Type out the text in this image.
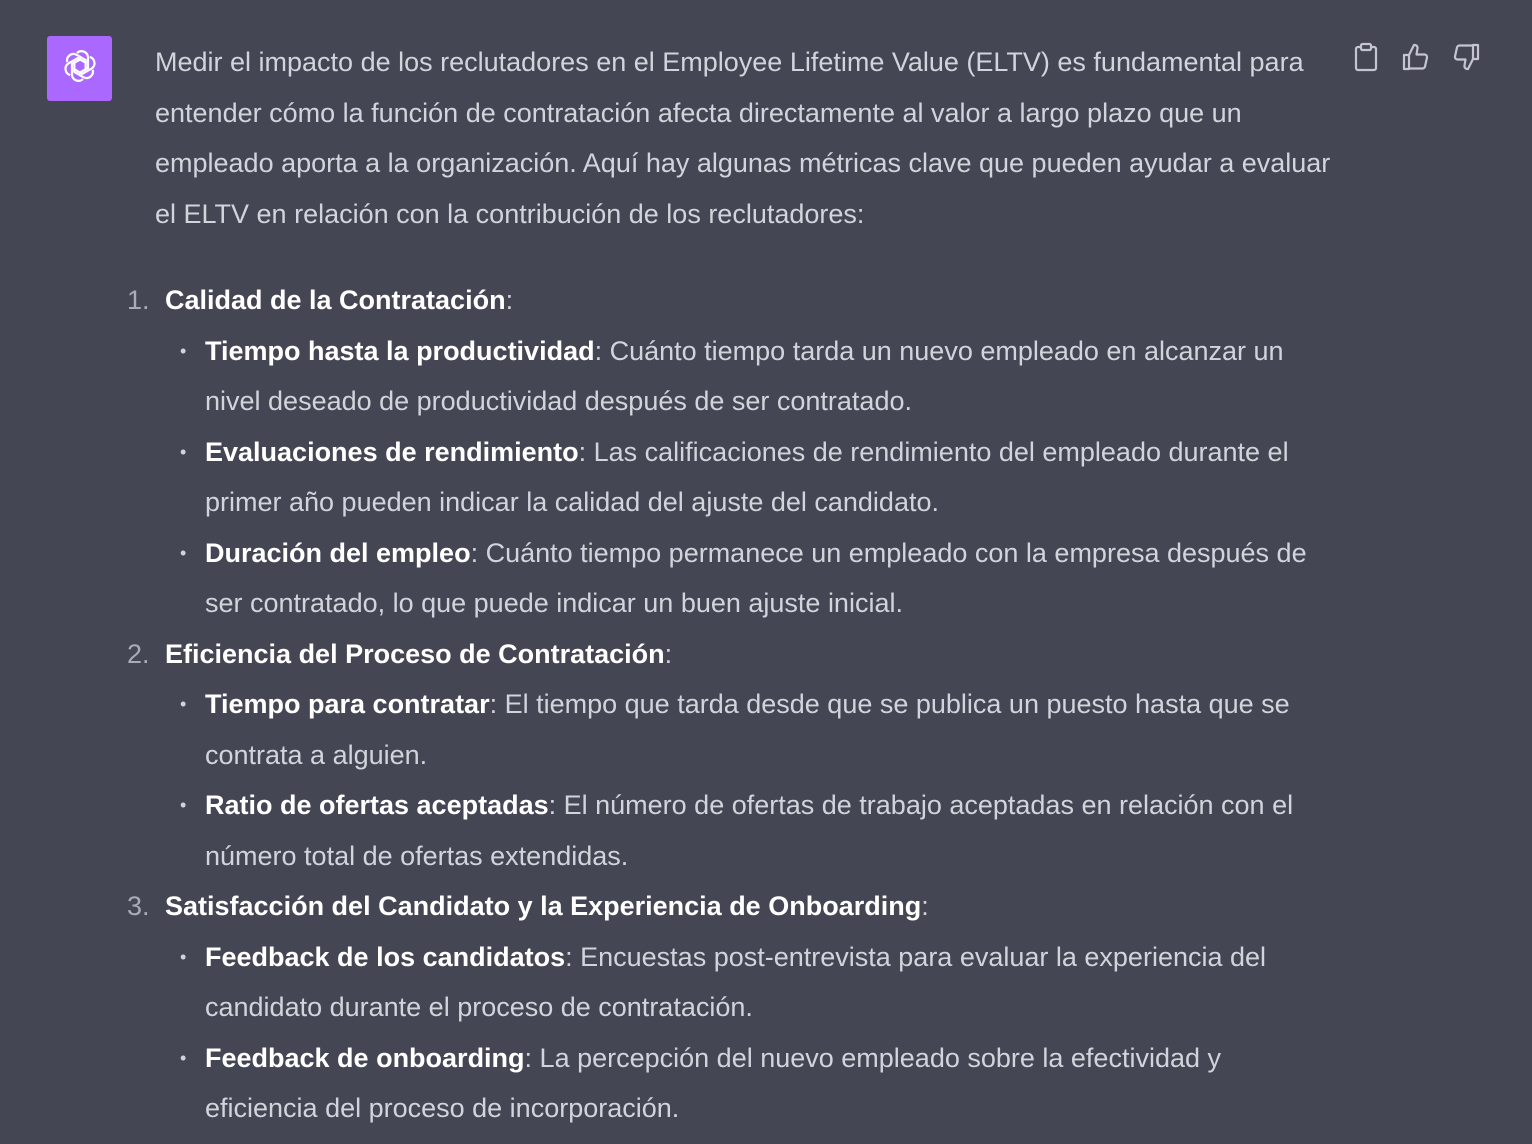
Medir el impacto de los reclutadores en el Employee Lifetime Value (ELTV) es fundamental para entender cómo la función de contratación afecta directamente al valor a largo plazo que un empleado aporta a la organización. Aquí hay algunas métricas clave que pueden ayudar a evaluar el ELTV en relación con la contribución de los reclutadores:

1. Calidad de la Contratación:
• Tiempo hasta la productividad: Cuánto tiempo tarda un nuevo empleado en alcanzar un nivel deseado de productividad después de ser contratado.
• Evaluaciones de rendimiento: Las calificaciones de rendimiento del empleado durante el primer año pueden indicar la calidad del ajuste del candidato.
• Duración del empleo: Cuánto tiempo permanece un empleado con la empresa después de ser contratado, lo que puede indicar un buen ajuste inicial.
2. Eficiencia del Proceso de Contratación:
• Tiempo para contratar: El tiempo que tarda desde que se publica un puesto hasta que se contrata a alguien.
• Ratio de ofertas aceptadas: El número de ofertas de trabajo aceptadas en relación con el número total de ofertas extendidas.
3. Satisfacción del Candidato y la Experiencia de Onboarding:
• Feedback de los candidatos: Encuestas post-entrevista para evaluar la experiencia del candidato durante el proceso de contratación.
• Feedback de onboarding: La percepción del nuevo empleado sobre la efectividad y eficiencia del proceso de incorporación.
